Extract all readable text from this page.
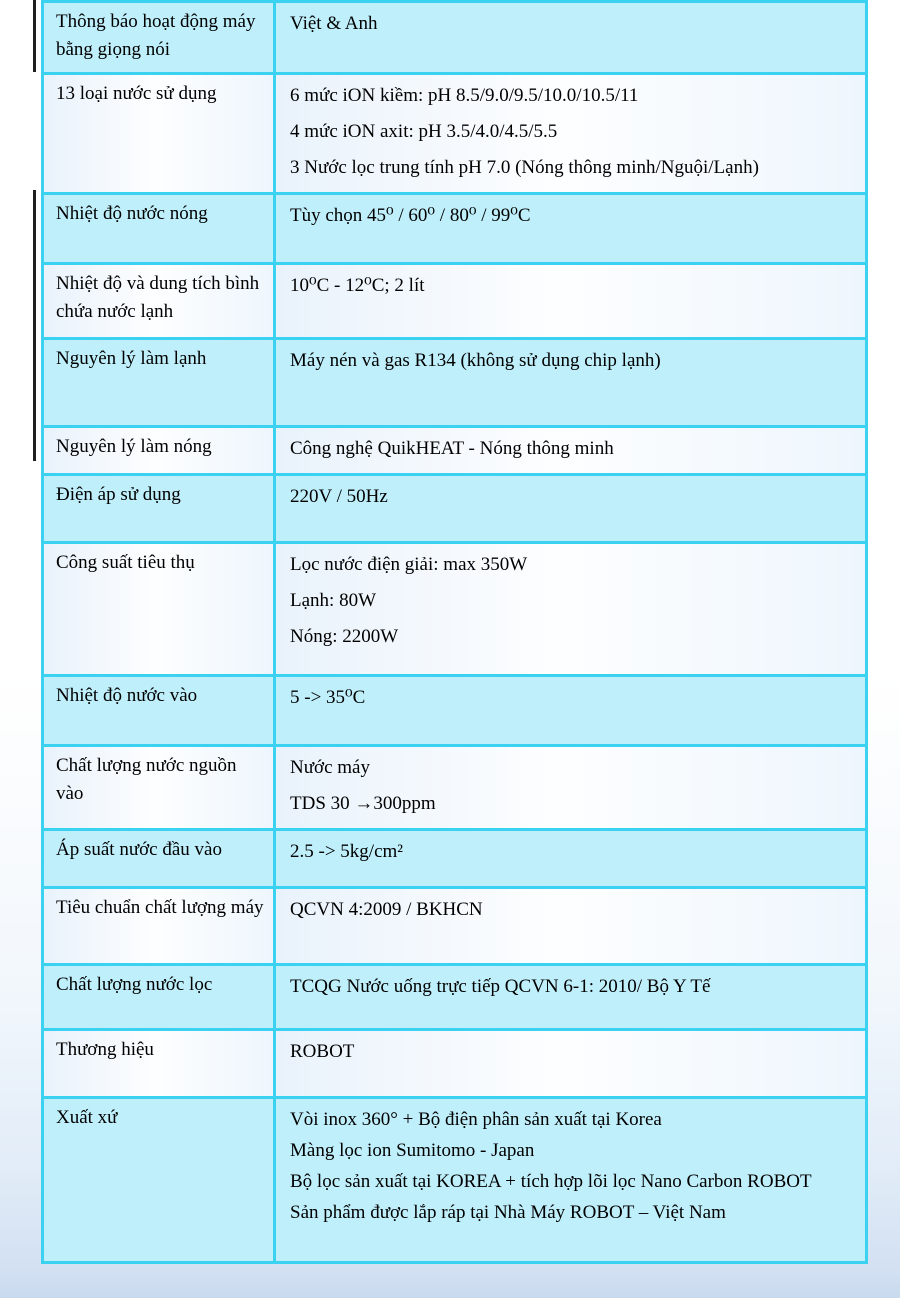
Thông báo hoạt động máy bằng giọng nói	Việt & Anh

13 loại nước sử dụng	6 mức iON kiềm: pH 8.5/9.0/9.5/10.0/10.5/11
4 mức iON axit: pH 3.5/4.0/4.5/5.5
3 Nước lọc trung tính pH 7.0 (Nóng thông minh/Nguội/Lạnh)

Nhiệt độ nước nóng	Tùy chọn 45⁰ / 60⁰ / 80⁰ / 99⁰C

Nhiệt độ và dung tích bình chứa nước lạnh	10⁰C - 12⁰C; 2 lít

Nguyên lý làm lạnh	Máy nén và gas R134 (không sử dụng chip lạnh)

Nguyên lý làm nóng	Công nghệ QuikHEAT - Nóng thông minh

Điện áp sử dụng	220V / 50Hz

Công suất tiêu thụ	Lọc nước điện giải: max 350W
Lạnh: 80W
Nóng: 2200W

Nhiệt độ nước vào	5 -> 35⁰C

Chất lượng nước nguồn vào	Nước máy
TDS 30 →300ppm

Áp suất nước đầu vào	2.5 -> 5kg/cm²

Tiêu chuẩn chất lượng máy	QCVN 4:2009 / BKHCN

Chất lượng nước lọc	TCQG Nước uống trực tiếp QCVN 6-1: 2010/ Bộ Y Tế

Thương hiệu	ROBOT

Xuất xứ	Vòi inox 360° + Bộ điện phân sản xuất tại Korea
Màng lọc ion Sumitomo - Japan
Bộ lọc sản xuất tại KOREA + tích hợp lõi lọc Nano Carbon ROBOT
Sản phẩm được lắp ráp tại Nhà Máy ROBOT – Việt Nam
